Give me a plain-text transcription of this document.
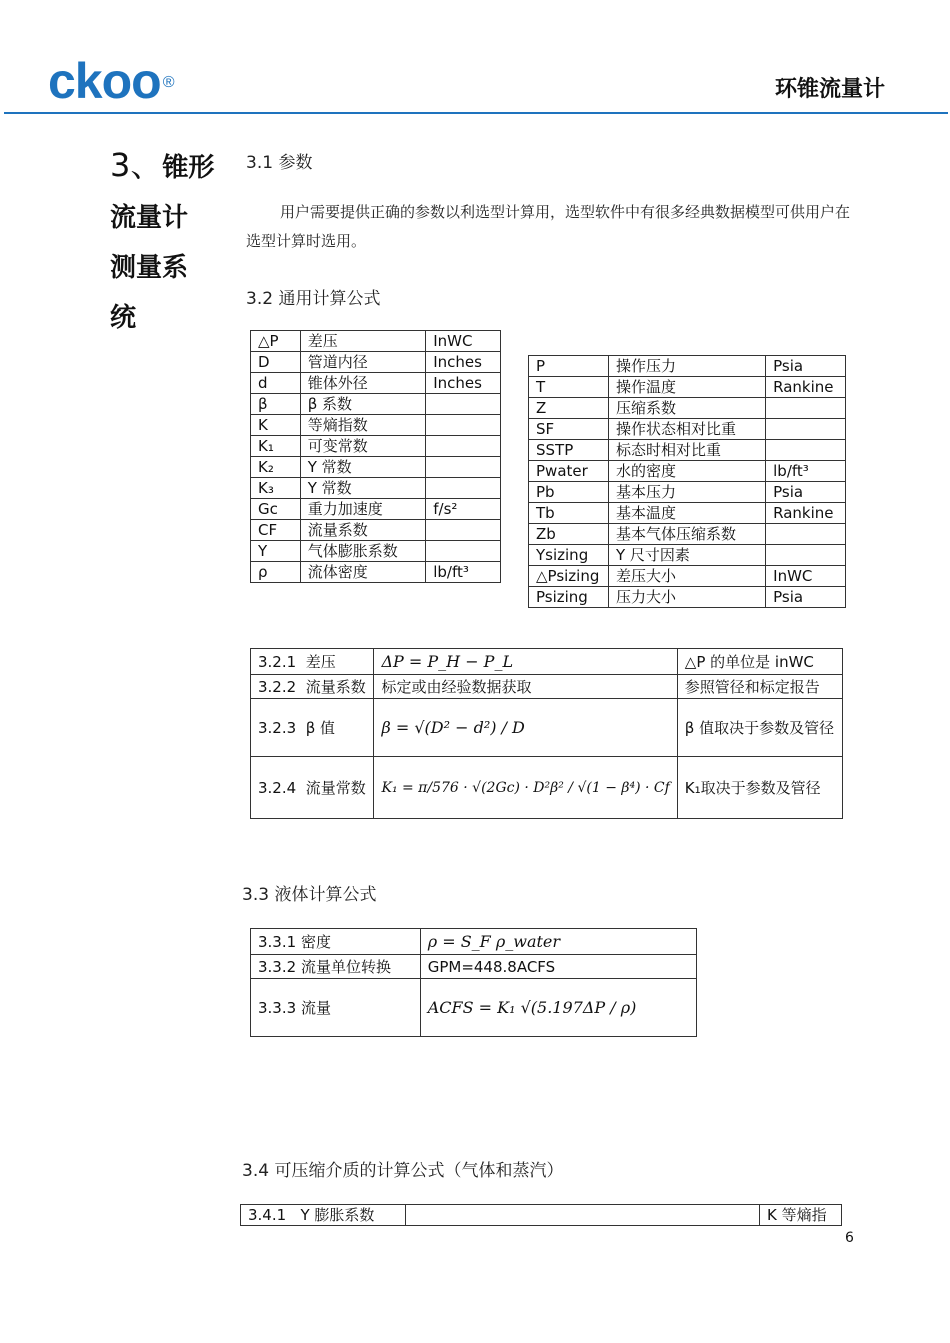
ckoo ®	环锥流量计
3、锥形
流量计
测量系
统
3.1 参数
用户需要提供正确的参数以利选型计算用，选型软件中有很多经典数据模型可供用户在选型计算时选用。
3.2 通用计算公式
△P	差压	InWC
D	管道内径	Inches
d	锥体外径	Inches
β	β 系数	
K	等熵指数	
K₁	可变常数	
K₂	Y 常数	
K₃	Y 常数	
Gc	重力加速度	f/s²
CF	流量系数	
Y	气体膨胀系数	
ρ	流体密度	lb/ft³
P	操作压力	Psia
T	操作温度	Rankine
Z	压缩系数	
SF	操作状态相对比重	
SSTP	标态时相对比重	
Pwater	水的密度	lb/ft³
Pb	基本压力	Psia
Tb	基本温度	Rankine
Zb	基本气体压缩系数	
Ysizing	Y 尺寸因素	
△Psizing	差压大小	InWC
Psizing	压力大小	Psia
3.2.1 差压	ΔP = P_H − P_L	△P 的单位是 inWC
3.2.2 流量系数	标定或由经验数据获取	参照管径和标定报告
3.2.3 β 值	β = √(D² − d²) / D	β 值取决于参数及管径
3.2.4 流量常数	K₁ = π/576 · √(2Gc) · D²β² / √(1 − β⁴) · Cf	K₁取决于参数及管径
3.3 液体计算公式
3.3.1 密度	ρ = S_F ρ_water
3.3.2 流量单位转换	GPM=448.8ACFS
3.3.3 流量	ACFS = K₁ √(5.197ΔP / ρ)
3.4 可压缩介质的计算公式（气体和蒸汽）
3.4.1 Y 膨胀系数		K 等熵指
6
